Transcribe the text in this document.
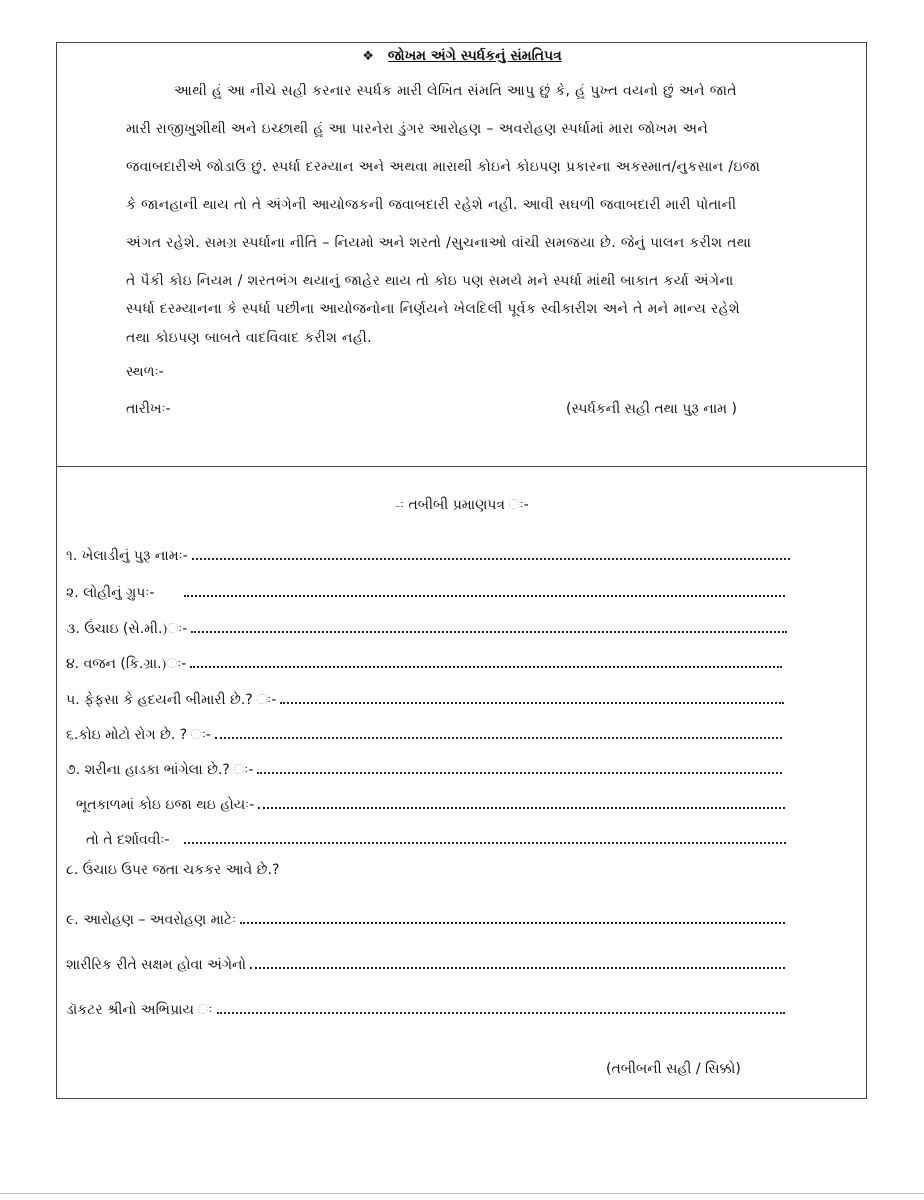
❖ જોખમ અંગે સ્પર્ધકનું સંમતિપત્ર
આથી હું આ નીચે સહી કરનાર સ્પર્ધક મારી લેખિત સંમતિ આપુ છું કે, હું પુખ્ત વયનો છું અને જાતે
મારી રાજીખુશીથી અને ઇચ્છાથી હું આ પારનેરા ડુંગર આરોહણ – અવરોહણ સ્પર્ધામાં મારા જોખમ અને
જવાબદારીએ જોડાઉ છું. સ્પર્ધા દરમ્યાન અને અથવા મારાથી કોઇને કોઇપણ પ્રકારના અકસ્માત/નુકસાન /ઇજા
કે જાનહાની થાય તો તે અંગેની આયોજકની જવાબદારી રહેશે નહી. આવી સઘળી જવાબદારી મારી પોતાની
અંગત રહેશે. સમગ્ર સ્પર્ધાના નીતિ – નિયમો અને શરતો /સુચનાઓ વાંચી સમજયા છે. જેનું પાલન કરીશ તથા
તે પૈકી કોઇ નિયમ / શરતભંગ થયાનું જાહેર થાય તો કોઇ પણ સમયે મને સ્પર્ધા માંથી બાકાત કર્યા અંગેના
સ્પર્ધા દરમ્યાનના કે સ્પર્ધા પછીના આયોજનોના નિર્ણયને ખેલદિલી પૂર્વક સ્વીકારીશ અને તે મને માન્ય રહેશે
તથા કોઇપણ બાબતે વાદવિવાદ કરીશ નહી.
સ્થળઃ-
તારીખઃ-	(સ્પર્ધકની સહી તથા પુરૂ નામ )
-ઃ તબીબી પ્રમાણપત્ર ઃ-
૧. ખેલાડીનું પુરૂ નામઃ-
૨. લોહીનું ગ્રુપઃ-
૩. ઉંચાઇ (સે.મી.)ઃ-
૪. વજન (કિ.ગ્રા.)ઃ-
૫. ફેફસા કે હદયની બીમારી છે.? ઃ-
૬.કોઇ મોટો રોગ છે. ? ઃ-
૭. શરીના હાડકા ભાંગેલા છે.? ઃ-
ભૂતકાળમાં કોઇ ઇજા થઇ હોયઃ-
તો તે દર્શાવવીઃ-
૮. ઉંચાઇ ઉપર જતા ચકકર આવે છે.?
૯. આરોહણ – અવરોહણ માટેઃ
શારીરિક રીતે સક્ષમ હોવા અંગેનો
ડૉકટર શ્રીનો અભિપ્રાય ઃ
(તબીબની સહી / સિક્કો)
